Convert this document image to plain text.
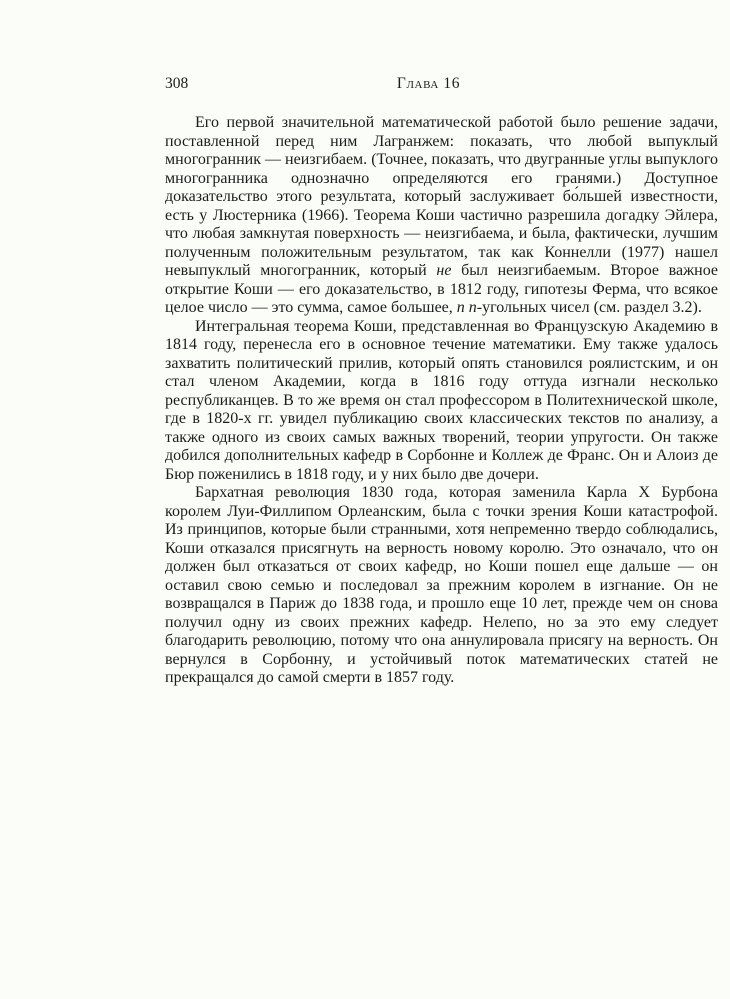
308	Глава 16

Его первой значительной математической работой было решение задачи, поставленной перед ним Лагранжем: показать, что любой выпуклый многогранник — неизгибаем. (Точнее, показать, что двугранные углы выпуклого многогранника однозначно определяются его гранями.) Доступное доказательство этого результата, который заслуживает бо́льшей известности, есть у Люстерника (1966). Теорема Коши частично разрешила догадку Эйлера, что любая замкнутая поверхность — неизгибаема, и была, фактически, лучшим полученным положительным результатом, так как Коннелли (1977) нашел невыпуклый многогранник, который не был неизгибаемым. Второе важное открытие Коши — его доказательство, в 1812 году, гипотезы Ферма, что всякое целое число — это сумма, самое большее, n n-угольных чисел (см. раздел 3.2).

Интегральная теорема Коши, представленная во Французскую Академию в 1814 году, перенесла его в основное течение математики. Ему также удалось захватить политический прилив, который опять становился роялистским, и он стал членом Академии, когда в 1816 году оттуда изгнали несколько республиканцев. В то же время он стал профессором в Политехнической школе, где в 1820-х гг. увидел публикацию своих классических текстов по анализу, а также одного из своих самых важных творений, теории упругости. Он также добился дополнительных кафедр в Сорбонне и Коллеж де Франс. Он и Алоиз де Бюр поженились в 1818 году, и у них было две дочери.

Бархатная революция 1830 года, которая заменила Карла X Бурбона королем Луи-Филлипом Орлеанским, была с точки зрения Коши катастрофой. Из принципов, которые были странными, хотя непременно твердо соблюдались, Коши отказался присягнуть на верность новому королю. Это означало, что он должен был отказаться от своих кафедр, но Коши пошел еще дальше — он оставил свою семью и последовал за прежним королем в изгнание. Он не возвращался в Париж до 1838 года, и прошло еще 10 лет, прежде чем он снова получил одну из своих прежних кафедр. Нелепо, но за это ему следует благодарить революцию, потому что она аннулировала присягу на верность. Он вернулся в Сорбонну, и устойчивый поток математических статей не прекращался до самой смерти в 1857 году.
